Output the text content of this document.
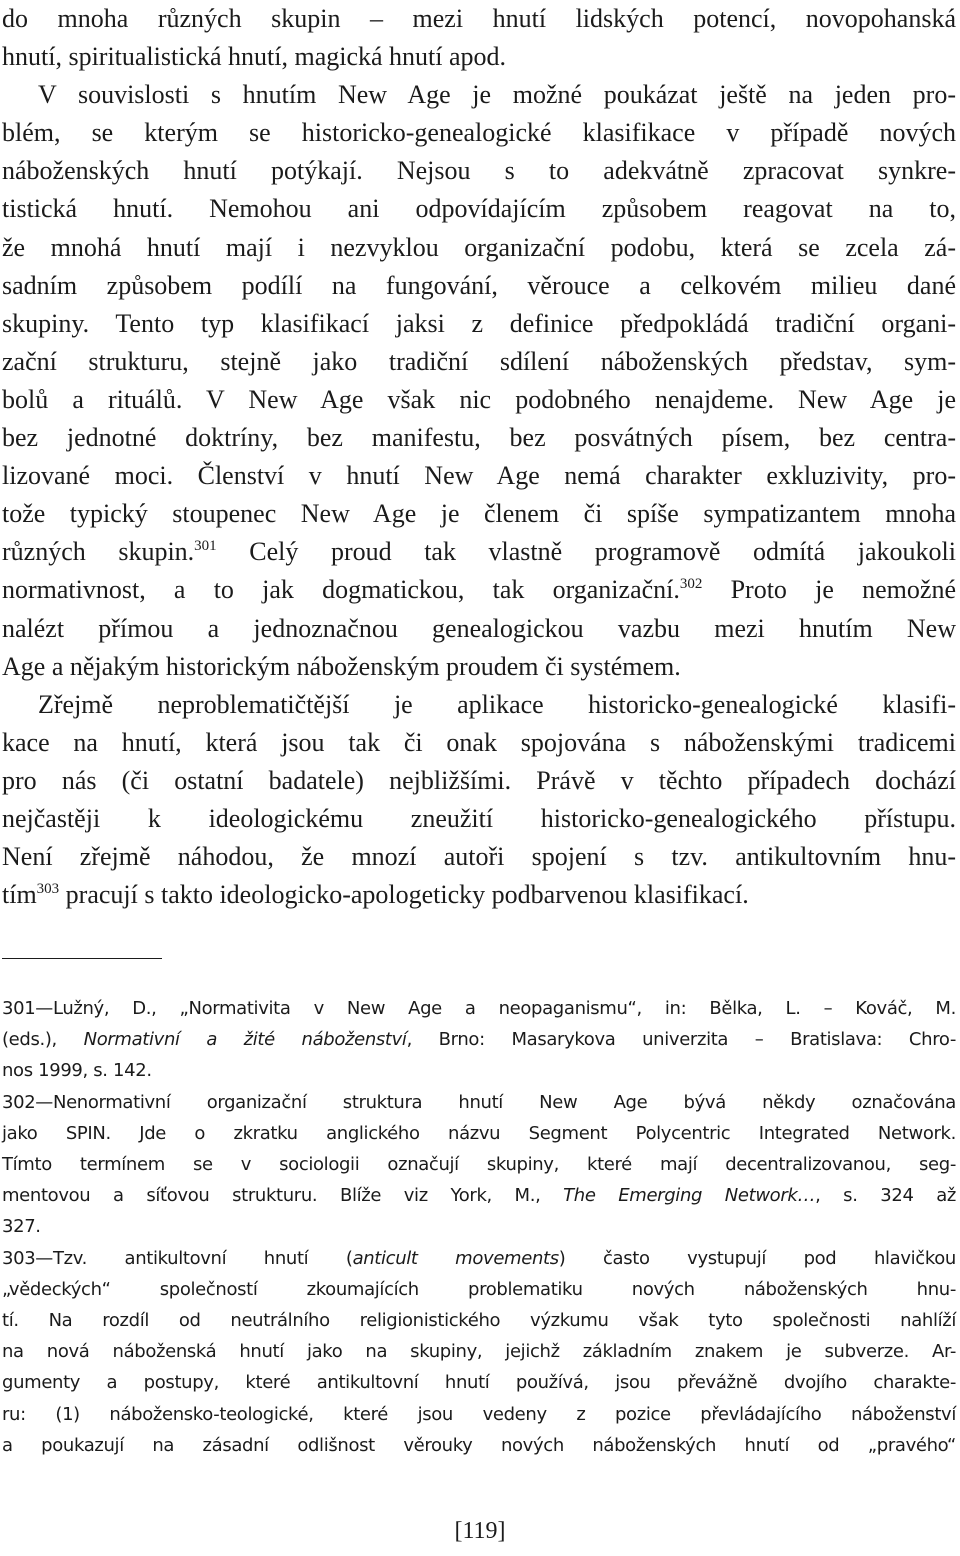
do mnoha různých skupin – mezi hnutí lidských potencí, novopohanská
hnutí, spiritualistická hnutí, magická hnutí apod.
V souvislosti s hnutím New Age je možné poukázat ještě na jeden pro-
blém, se kterým se historicko-genealogické klasifikace v případě nových
náboženských hnutí potýkají. Nejsou s to adekvátně zpracovat synkre-
tistická hnutí. Nemohou ani odpovídajícím způsobem reagovat na to,
že mnohá hnutí mají i nezvyklou organizační podobu, která se zcela zá-
sadním způsobem podílí na fungování, věrouce a celkovém milieu dané
skupiny. Tento typ klasifikací jaksi z definice předpokládá tradiční organi-
zační strukturu, stejně jako tradiční sdílení náboženských představ, sym-
bolů a rituálů. V New Age však nic podobného nenajdeme. New Age je
bez jednotné doktríny, bez manifestu, bez posvátných písem, bez centra-
lizované moci. Členství v hnutí New Age nemá charakter exkluzivity, pro-
tože typický stoupenec New Age je členem či spíše sympatizantem mnoha
různých skupin.$^{301}$ Celý proud tak vlastně programově odmítá jakoukoli
normativnost, a to jak dogmatickou, tak organizační.$^{302}$ Proto je nemožné
nalézt přímou a jednoznačnou genealogickou vazbu mezi hnutím New
Age a nějakým historickým náboženským proudem či systémem.
Zřejmě neproblematičtější je aplikace historicko-genealogické klasifi-
kace na hnutí, která jsou tak či onak spojována s náboženskými tradicemi
pro nás (či ostatní badatele) nejbližšími. Právě v těchto případech dochází
nejčastěji k ideologickému zneužití historicko-genealogického přístupu.
Není zřejmě náhodou, že mnozí autoři spojení s tzv. antikultovním hnu-
tím$^{303}$ pracují s takto ideologicko-apologeticky podbarvenou klasifikací.
301—Lužný, D., „Normativita v New Age a neopaganismu“, in: Bělka, L. – Kováč, M.
(eds.), Normativní a žité náboženství, Brno: Masarykova univerzita – Bratislava: Chro-
nos 1999, s. 142.
302—Nenormativní organizační struktura hnutí New Age bývá někdy označována
jako SPIN. Jde o zkratku anglického názvu Segment Polycentric Integrated Network.
Tímto termínem se v sociologii označují skupiny, které mají decentralizovanou, seg-
mentovou a síťovou strukturu. Blíže viz York, M., The Emerging Network…, s. 324 až
327.
303—Tzv. antikultovní hnutí (anticult movements) často vystupují pod hlavičkou
„vědeckých“ společností zkoumajících problematiku nových náboženských hnu-
tí. Na rozdíl od neutrálního religionistického výzkumu však tyto společnosti nahlíží
na nová náboženská hnutí jako na skupiny, jejichž základním znakem je subverze. Ar-
gumenty a postupy, které antikultovní hnutí používá, jsou převážně dvojího charakte-
ru: (1) nábožensko-teologické, které jsou vedeny z pozice převládajícího náboženství
a poukazují na zásadní odlišnost věrouky nových náboženských hnutí od „pravého“
[119]
